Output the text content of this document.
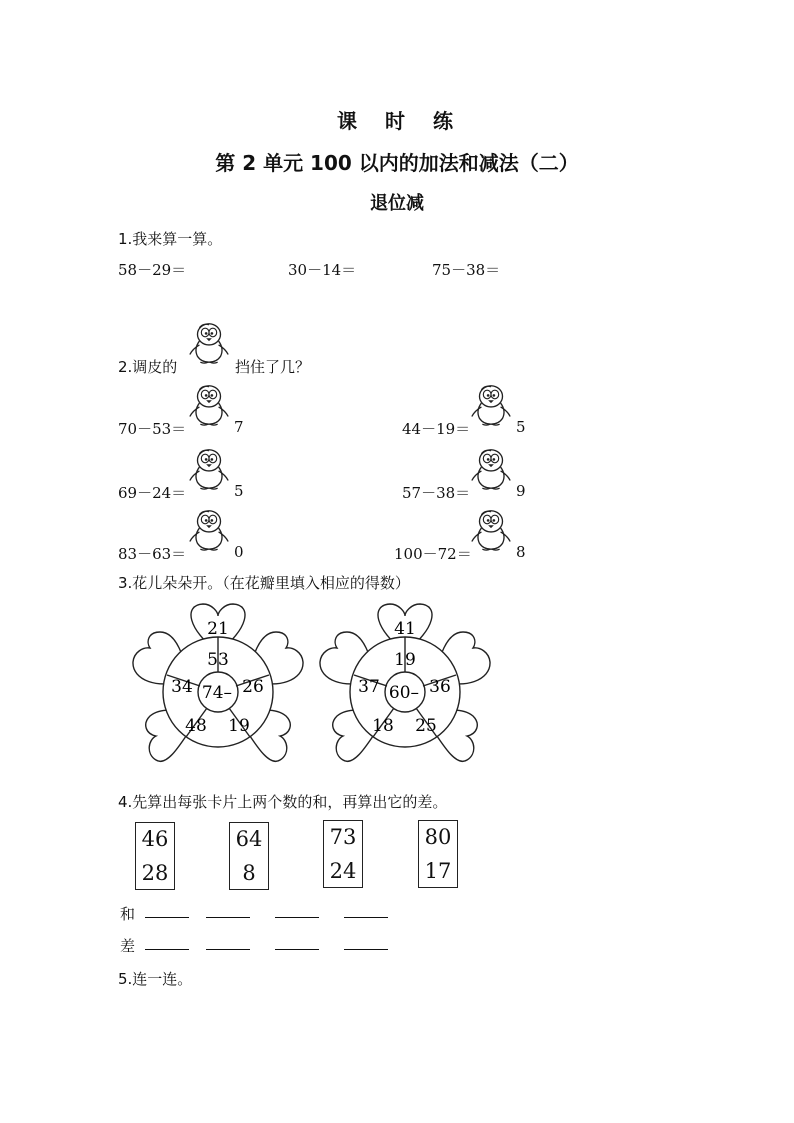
课　时　练
第 2 单元 100 以内的加法和减法（二）
退位减
1.我来算一算。
58－29＝	30－14＝	75－38＝
2.调皮的	挡住了几？
70－53＝	7	44－19＝	5
69－24＝	5	57－38＝	9
83－63＝	0	100－72＝	8
3.花儿朵朵开。（在花瓣里填入相应的得数）
21
53
26
19
48
34 74–
41
19
36
25
18
37 60–
4.先算出每张卡片上两个数的和，再算出它的差。
46
28
64
8
73
24
80
17
和
差
5.连一连。
